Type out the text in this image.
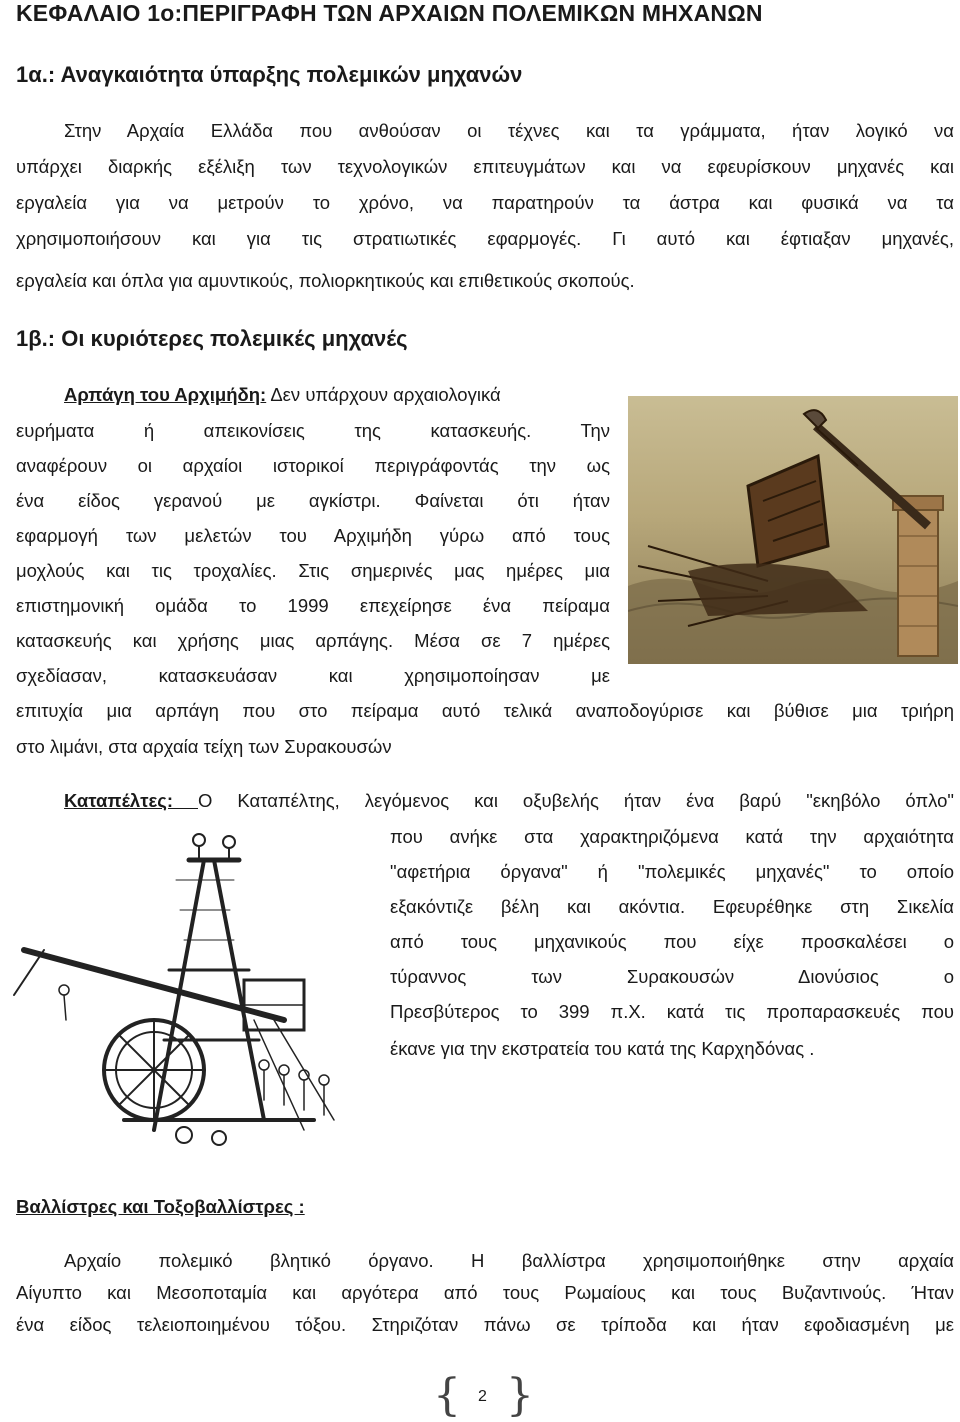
ΚΕΦΑΛΑΙΟ 1ο:ΠΕΡΙΓΡΑΦΗ ΤΩΝ ΑΡΧΑΙΩΝ ΠΟΛΕΜΙΚΩΝ ΜΗΧΑΝΩΝ
1α.: Αναγκαιότητα ύπαρξης πολεμικών μηχανών
Στην Αρχαία Ελλάδα που ανθούσαν οι τέχνες και τα γράμματα, ήταν λογικό να
υπάρχει διαρκής εξέλιξη των τεχνολογικών επιτευγμάτων και να εφευρίσκουν μηχανές και
εργαλεία για να μετρούν το χρόνο, να παρατηρούν τα άστρα και φυσικά να τα
χρησιμοποιήσουν και για τις στρατιωτικές εφαρμογές. Γι αυτό και έφτιαξαν μηχανές,
εργαλεία και όπλα για αμυντικούς, πολιορκητικούς και επιθετικούς σκοπούς.
1β.: Οι κυριότερες πολεμικές μηχανές
Αρπάγη του Αρχιμήδη: Δεν υπάρχουν αρχαιολογικά
ευρήματα ή απεικονίσεις της κατασκευής. Την
αναφέρουν οι αρχαίοι ιστορικοί περιγράφοντάς την ως
ένα είδος γερανού με αγκίστρι. Φαίνεται ότι ήταν
εφαρμογή των μελετών του Αρχιμήδη γύρω από τους
μοχλούς και τις τροχαλίες. Στις σημερινές μας ημέρες μια
επιστημονική ομάδα το 1999 επεχείρησε ένα πείραμα
κατασκευής και χρήσης μιας αρπάγης. Μέσα σε 7 ημέρες
σχεδίασαν, κατασκευάσαν και χρησιμοποίησαν με
επιτυχία μια αρπάγη που στο πείραμα αυτό τελικά αναποδογύρισε και βύθισε μια τριήρη
στο λιμάνι, στα αρχαία τείχη των Συρακουσών
Καταπέλτες: Ο Καταπέλτης, λεγόμενος και οξυβελής ήταν ένα βαρύ "εκηβόλο όπλο"
που ανήκε στα χαρακτηριζόμενα κατά την αρχαιότητα
"αφετήρια όργανα" ή "πολεμικές μηχανές" το οποίο
εξακόντιζε βέλη και ακόντια. Εφευρέθηκε στη Σικελία
από τους μηχανικούς που είχε προσκαλέσει ο
τύραννος των Συρακουσών Διονύσιος ο
Πρεσβύτερος το 399 π.Χ. κατά τις προπαρασκευές που
έκανε για την εκστρατεία του κατά της Καρχηδόνας .
Βαλλίστρες και Τοξοβαλλίστρες :
Αρχαίο πολεμικό βλητικό όργανο. Η βαλλίστρα χρησιμοποιήθηκε στην αρχαία
Αίγυπτο και Μεσοποταμία και αργότερα από τους Ρωμαίους και τους Βυζαντινούς. Ήταν
ένα είδος τελειοποιημένου τόξου. Στηριζόταν πάνω σε τρίποδα και ήταν εφοδιασμένη με
{ 2 }
